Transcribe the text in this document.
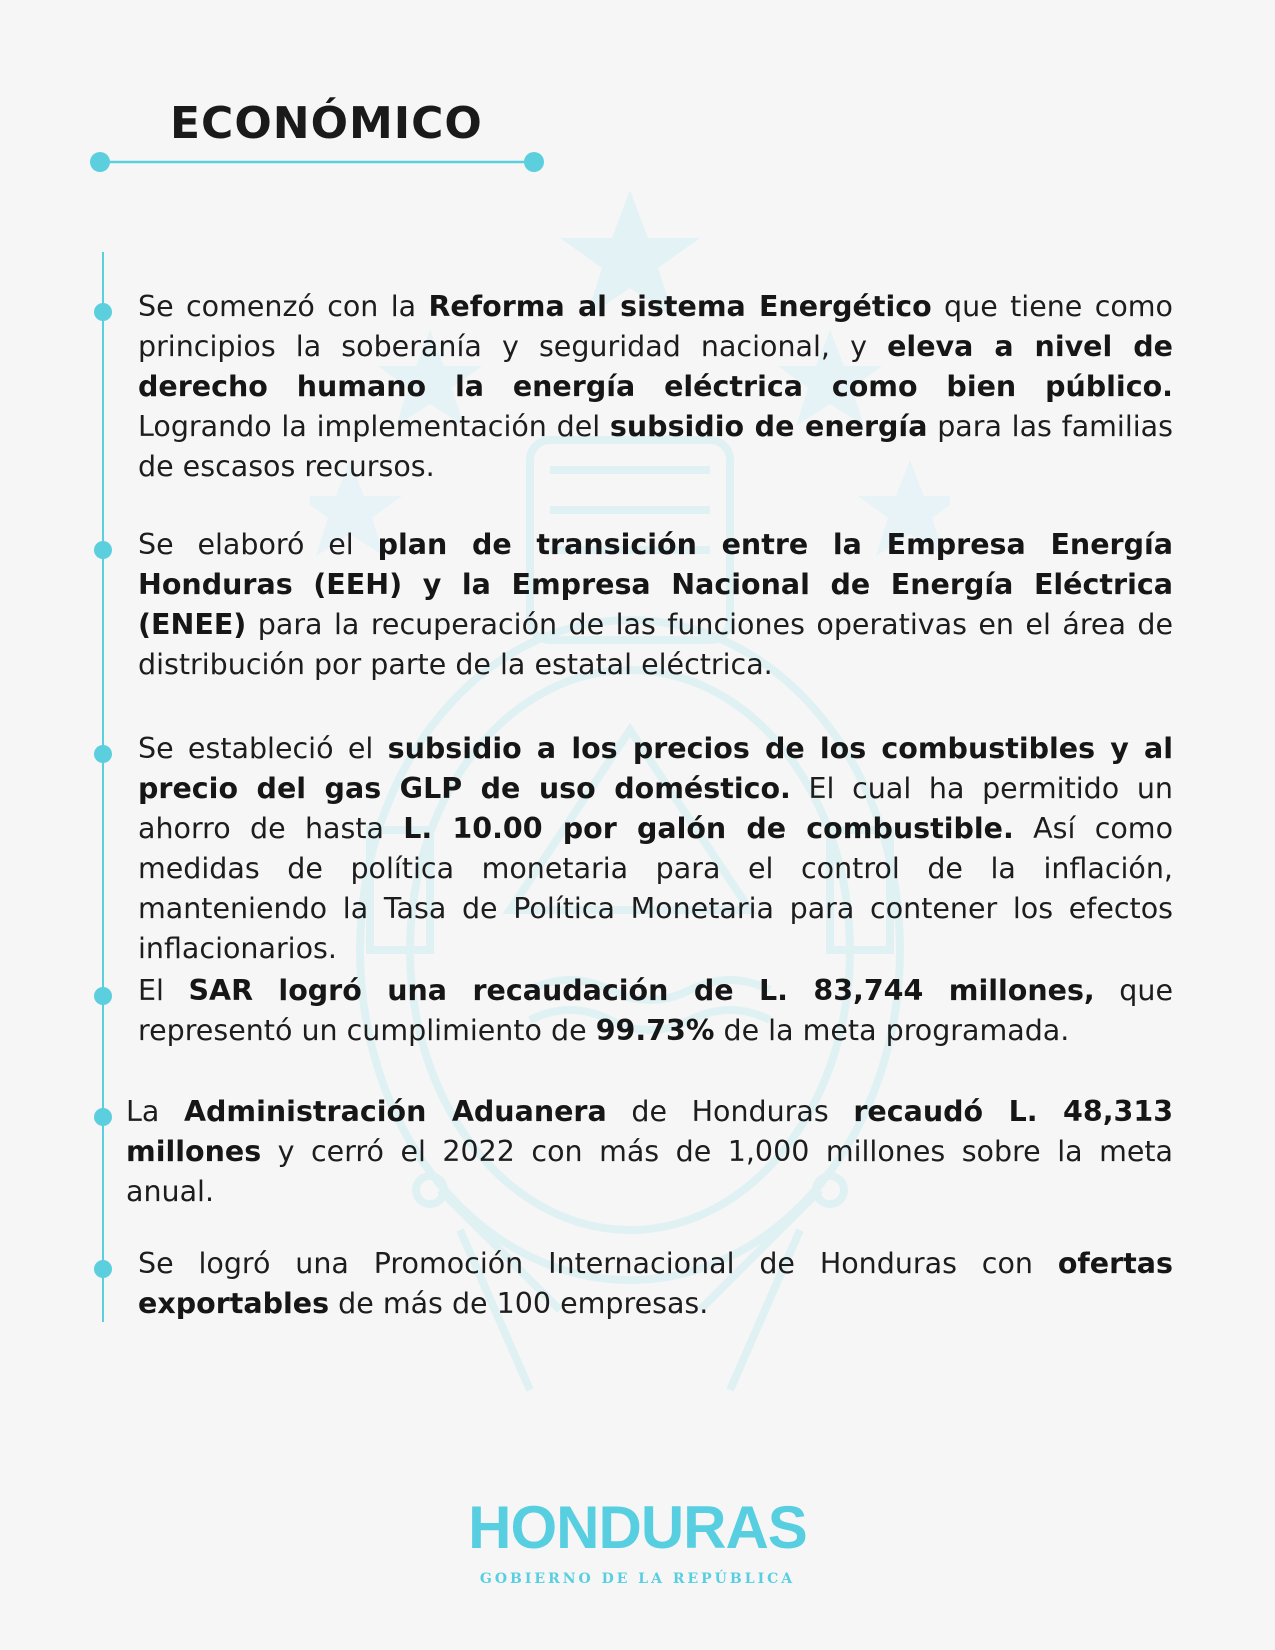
ECONÓMICO

Se comenzó con la Reforma al sistema Energético que tiene como principios la soberanía y seguridad nacional, y eleva a nivel de derecho humano la energía eléctrica como bien público. Logrando la implementación del subsidio de energía para las familias de escasos recursos.

Se elaboró el plan de transición entre la Empresa Energía Honduras (EEH) y la Empresa Nacional de Energía Eléctrica (ENEE) para la recuperación de las funciones operativas en el área de distribución por parte de la estatal eléctrica.

Se estableció el subsidio a los precios de los combustibles y al precio del gas GLP de uso doméstico. El cual ha permitido un ahorro de hasta L. 10.00 por galón de combustible. Así como medidas de política monetaria para el control de la inflación, manteniendo la Tasa de Política Monetaria para contener los efectos inflacionarios.

El SAR logró una recaudación de L. 83,744 millones, que representó un cumplimiento de 99.73% de la meta programada.

La Administración Aduanera de Honduras recaudó L. 48,313 millones y cerró el 2022 con más de 1,000 millones sobre la meta anual.

Se logró una Promoción Internacional de Honduras con ofertas exportables de más de 100 empresas.

HONDURAS
GOBIERNO DE LA REPÚBLICA
